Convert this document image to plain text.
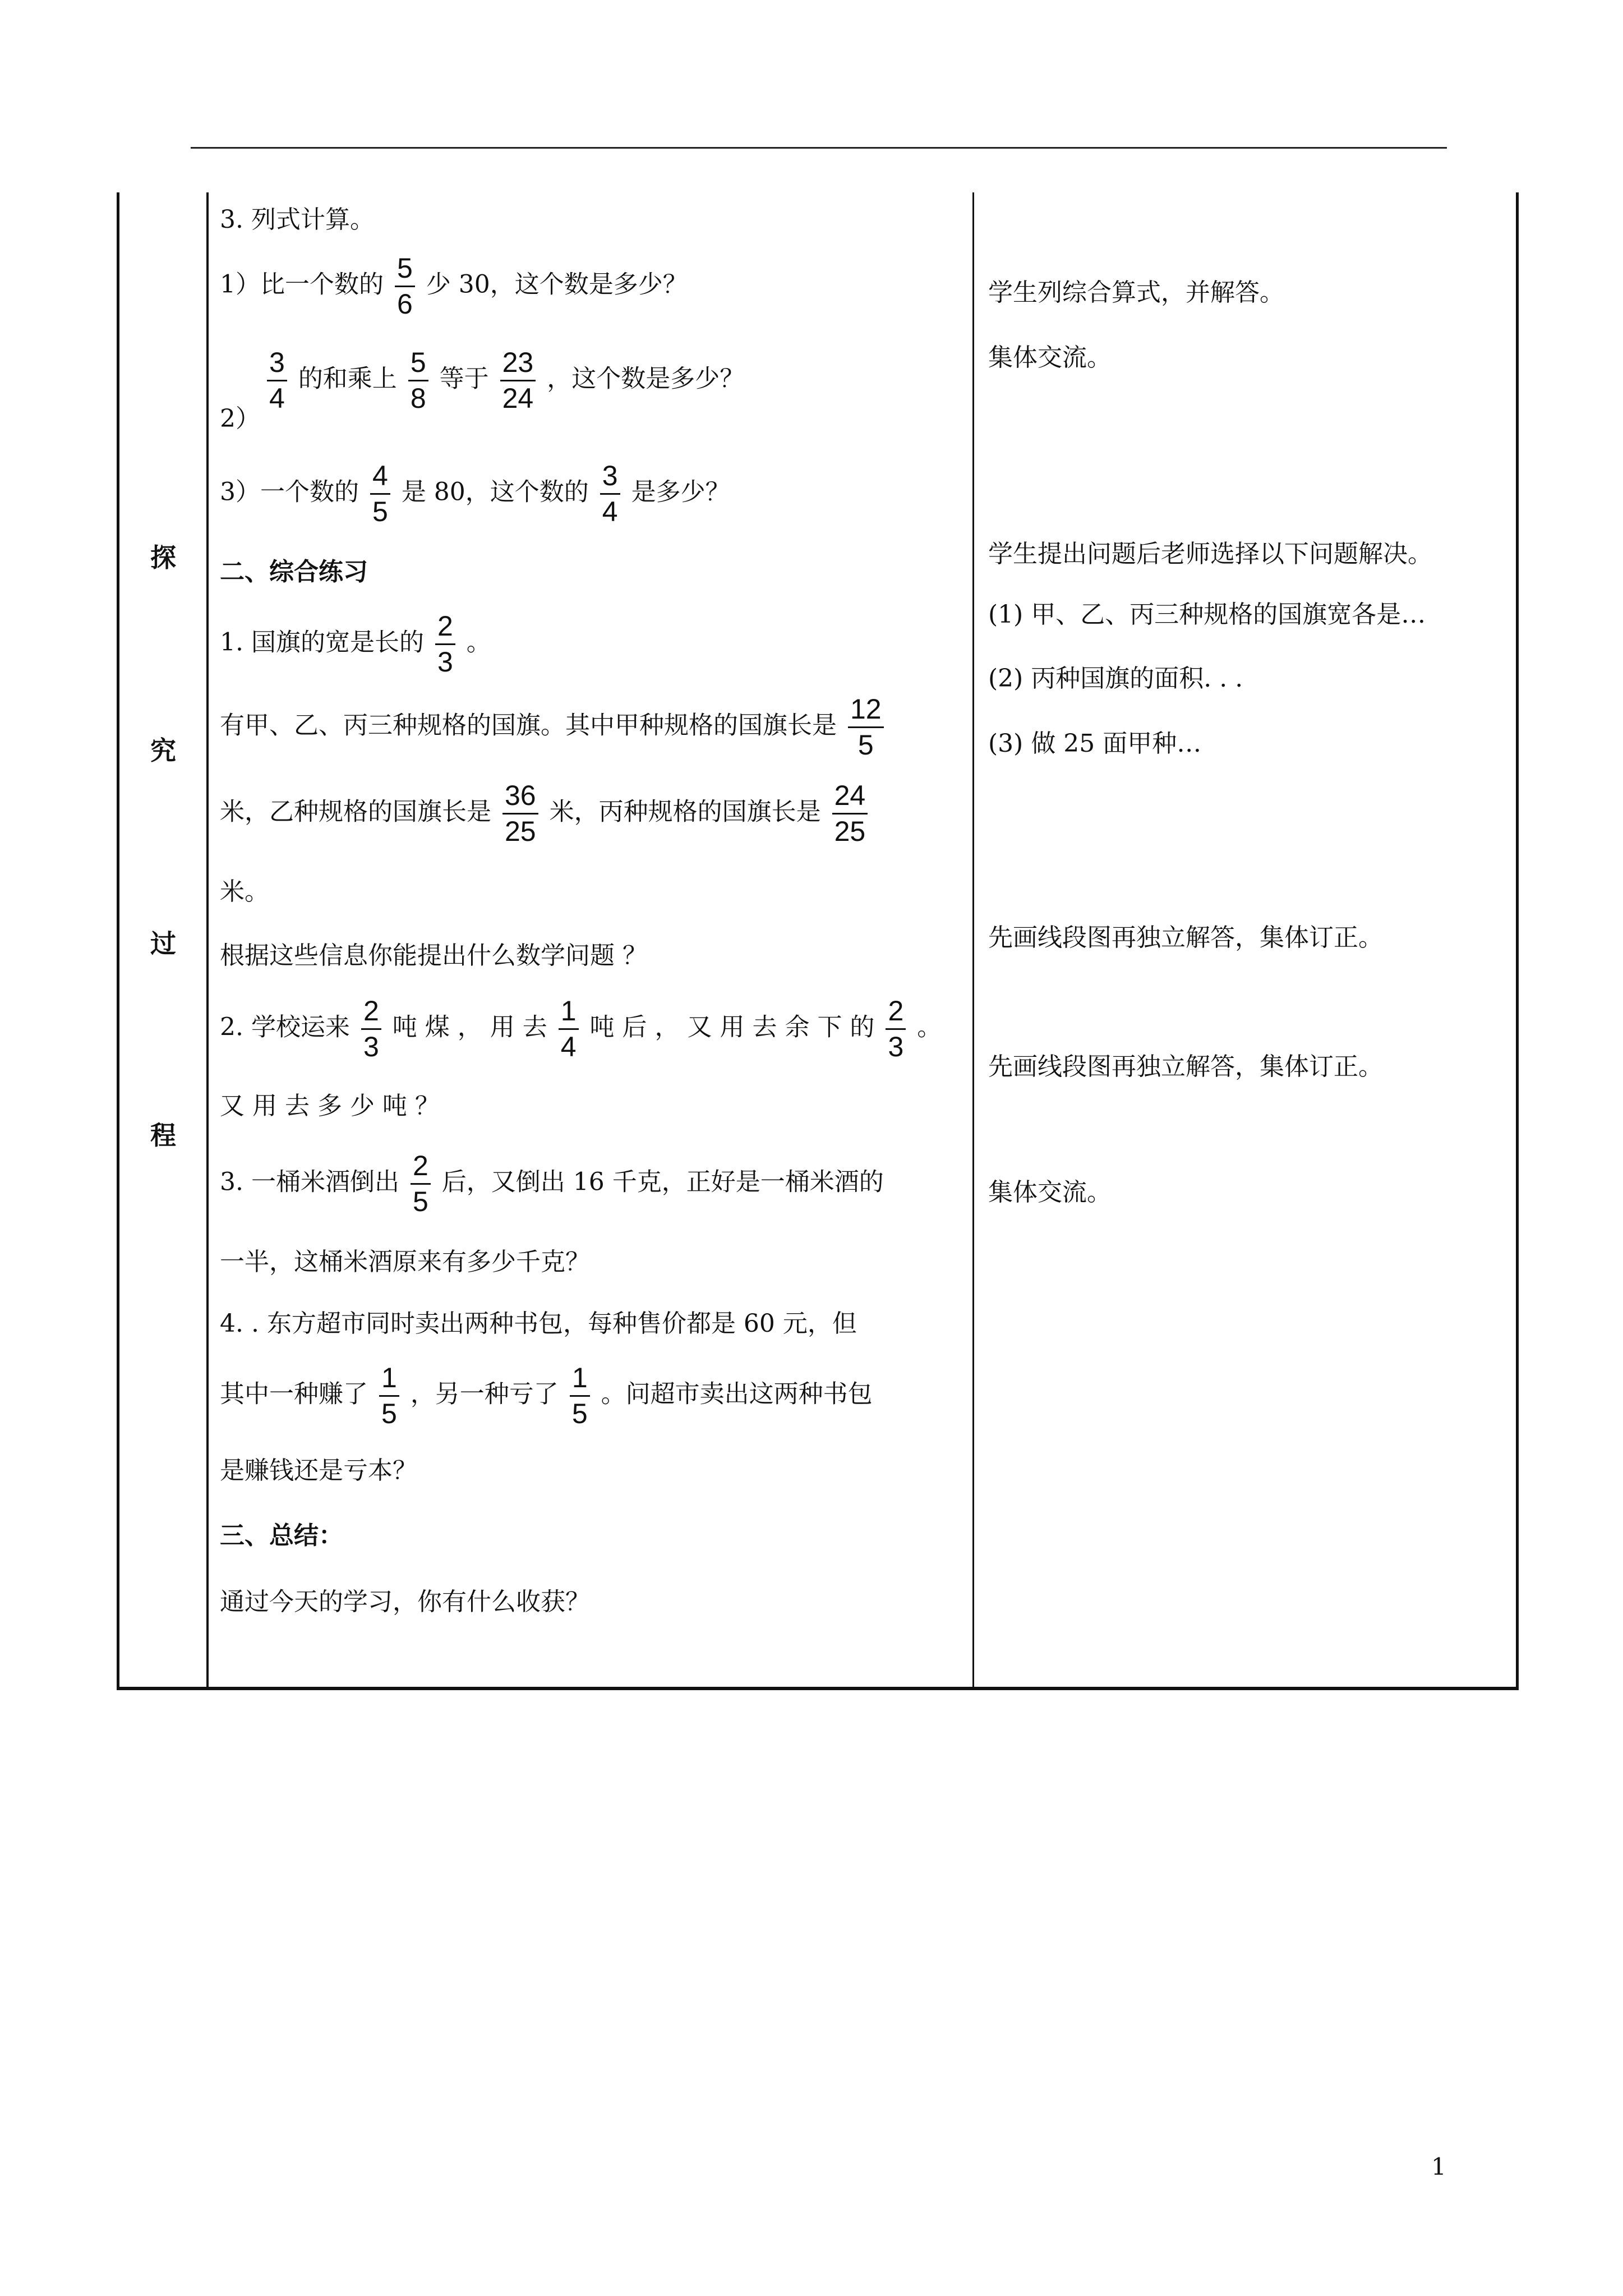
探
究
过
程
3. 列式计算。
1）比一个数的 $\frac{5}{6}$ 少 30，这个数是多少？
$\frac{3}{4}$ 的和乘上 $\frac{5}{8}$ 等于 $\frac{23}{24}$ ，这个数是多少？
2）
3）一个数的 $\frac{4}{5}$ 是 80，这个数的 $\frac{3}{4}$ 是多少？
二、综合练习
1. 国旗的宽是长的 $\frac{2}{3}$ 。
有甲、乙、丙三种规格的国旗。其中甲种规格的国旗长是 $\frac{12}{5}$
米，乙种规格的国旗长是 $\frac{36}{25}$ 米，丙种规格的国旗长是 $\frac{24}{25}$
米。
根据这些信息你能提出什么数学问题 ？
2. 学校运来 $\frac{2}{3}$ 吨 煤 ， 用 去 $\frac{1}{4}$ 吨 后 ， 又 用 去 余 下 的 $\frac{2}{3}$ 。
又 用 去 多 少 吨 ？
3. 一桶米酒倒出 $\frac{2}{5}$ 后，又倒出 16 千克，正好是一桶米酒的
一半，这桶米酒原来有多少千克？
4. . 东方超市同时卖出两种书包，每种售价都是 60 元，但
其中一种赚了 $\frac{1}{5}$ ，另一种亏了 $\frac{1}{5}$ 。问超市卖出这两种书包
是赚钱还是亏本？
三、总结：
通过今天的学习，你有什么收获？
学生列综合算式，并解答。
集体交流。
学生提出问题后老师选择以下问题解决。
(1) 甲、乙、丙三种规格的国旗宽各是…
(2) 丙种国旗的面积. . .
(3) 做 25 面甲种…
先画线段图再独立解答，集体订正。
先画线段图再独立解答，集体订正。
集体交流。
1
